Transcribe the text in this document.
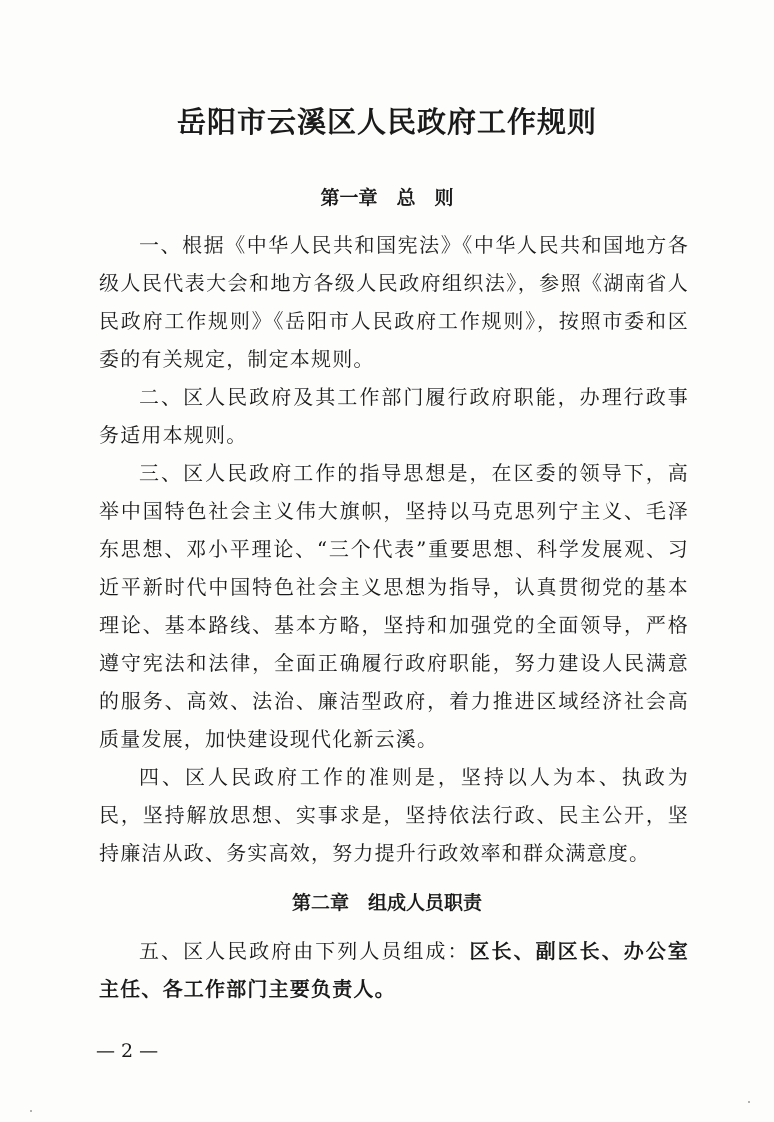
岳阳市云溪区人民政府工作规则
第一章　总　则

一、根据《中华人民共和国宪法》《中华人民共和国地方各级人民代表大会和地方各级人民政府组织法》，参照《湖南省人民政府工作规则》《岳阳市人民政府工作规则》，按照市委和区委的有关规定，制定本规则。

二、区人民政府及其工作部门履行政府职能，办理行政事务适用本规则。

三、区人民政府工作的指导思想是，在区委的领导下，高举中国特色社会主义伟大旗帜，坚持以马克思列宁主义、毛泽东思想、邓小平理论、“三个代表”重要思想、科学发展观、习近平新时代中国特色社会主义思想为指导，认真贯彻党的基本理论、基本路线、基本方略，坚持和加强党的全面领导，严格遵守宪法和法律，全面正确履行政府职能，努力建设人民满意的服务、高效、法治、廉洁型政府，着力推进区域经济社会高质量发展，加快建设现代化新云溪。

四、区人民政府工作的准则是，坚持以人为本、执政为民，坚持解放思想、实事求是，坚持依法行政、民主公开，坚持廉洁从政、务实高效，努力提升行政效率和群众满意度。

第二章　组成人员职责

五、区人民政府由下列人员组成：区长、副区长、办公室主任、各工作部门主要负责人。

— 2 —
